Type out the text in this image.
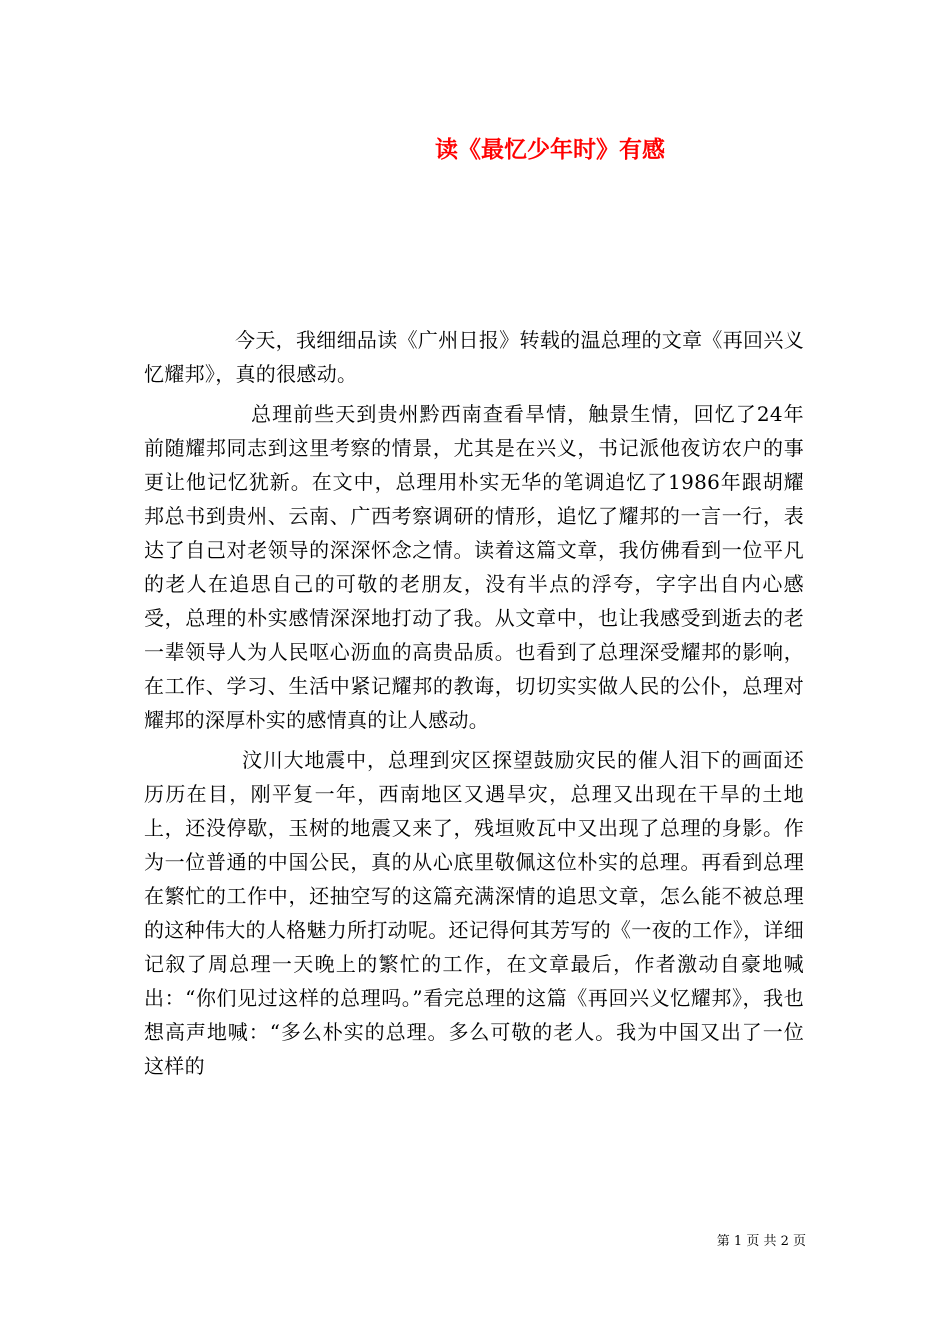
读《最忆少年时》有感

今天，我细细品读《广州日报》转载的温总理的文章《再回兴义忆耀邦》，真的很感动。

总理前些天到贵州黔西南查看旱情，触景生情，回忆了24年前随耀邦同志到这里考察的情景，尤其是在兴义，书记派他夜访农户的事更让他记忆犹新。在文中，总理用朴实无华的笔调追忆了1986年跟胡耀邦总书到贵州、云南、广西考察调研的情形，追忆了耀邦的一言一行，表达了自己对老领导的深深怀念之情。读着这篇文章，我仿佛看到一位平凡的老人在追思自己的可敬的老朋友，没有半点的浮夸，字字出自内心感受，总理的朴实感情深深地打动了我。从文章中，也让我感受到逝去的老一辈领导人为人民呕心沥血的高贵品质。也看到了总理深受耀邦的影响，在工作、学习、生活中紧记耀邦的教诲，切切实实做人民的公仆，总理对耀邦的深厚朴实的感情真的让人感动。

汶川大地震中，总理到灾区探望鼓励灾民的催人泪下的画面还历历在目，刚平复一年，西南地区又遇旱灾，总理又出现在干旱的土地上，还没停歇，玉树的地震又来了，残垣败瓦中又出现了总理的身影。作为一位普通的中国公民，真的从心底里敬佩这位朴实的总理。再看到总理在繁忙的工作中，还抽空写的这篇充满深情的追思文章，怎么能不被总理的这种伟大的人格魅力所打动呢。还记得何其芳写的《一夜的工作》，详细记叙了周总理一天晚上的繁忙的工作，在文章最后，作者激动自豪地喊出：“你们见过这样的总理吗。”看完总理的这篇《再回兴义忆耀邦》，我也想高声地喊：“多么朴实的总理。多么可敬的老人。我为中国又出了一位这样的

第 1 页 共 2 页
